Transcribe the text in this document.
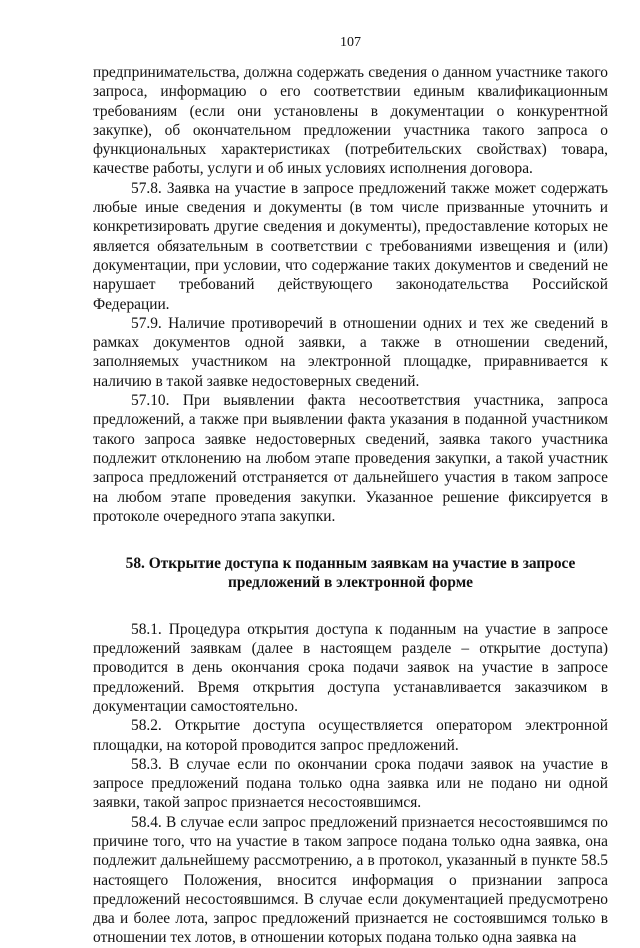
107

предпринимательства, должна содержать сведения о данном участнике такого запроса, информацию о его соответствии единым квалификационным требованиям (если они установлены в документации о конкурентной закупке), об окончательном предложении участника такого запроса о функциональных характеристиках (потребительских свойствах) товара, качестве работы, услуги и об иных условиях исполнения договора.

57.8. Заявка на участие в запросе предложений также может содержать любые иные сведения и документы (в том числе призванные уточнить и конкретизировать другие сведения и документы), предоставление которых не является обязательным в соответствии с требованиями извещения и (или) документации, при условии, что содержание таких документов и сведений не нарушает требований действующего законодательства Российской Федерации.

57.9. Наличие противоречий в отношении одних и тех же сведений в рамках документов одной заявки, а также в отношении сведений, заполняемых участником на электронной площадке, приравнивается к наличию в такой заявке недостоверных сведений.

57.10. При выявлении факта несоответствия участника, запроса предложений, а также при выявлении факта указания в поданной участником такого запроса заявке недостоверных сведений, заявка такого участника подлежит отклонению на любом этапе проведения закупки, а такой участник запроса предложений отстраняется от дальнейшего участия в таком запросе на любом этапе проведения закупки. Указанное решение фиксируется в протоколе очередного этапа закупки.

58. Открытие доступа к поданным заявкам на участие в запросе
предложений в электронной форме

58.1. Процедура открытия доступа к поданным на участие в запросе предложений заявкам (далее в настоящем разделе – открытие доступа) проводится в день окончания срока подачи заявок на участие в запросе предложений. Время открытия доступа устанавливается заказчиком в документации самостоятельно.

58.2. Открытие доступа осуществляется оператором электронной площадки, на которой проводится запрос предложений.

58.3. В случае если по окончании срока подачи заявок на участие в запросе предложений подана только одна заявка или не подано ни одной заявки, такой запрос признается несостоявшимся.

58.4. В случае если запрос предложений признается несостоявшимся по причине того, что на участие в таком запросе подана только одна заявка, она подлежит дальнейшему рассмотрению, а в протокол, указанный в пункте 58.5 настоящего Положения, вносится информация о признании запроса предложений несостоявшимся. В случае если документацией предусмотрено два и более лота, запрос предложений признается не состоявшимся только в отношении тех лотов, в отношении которых подана только одна заявка на
